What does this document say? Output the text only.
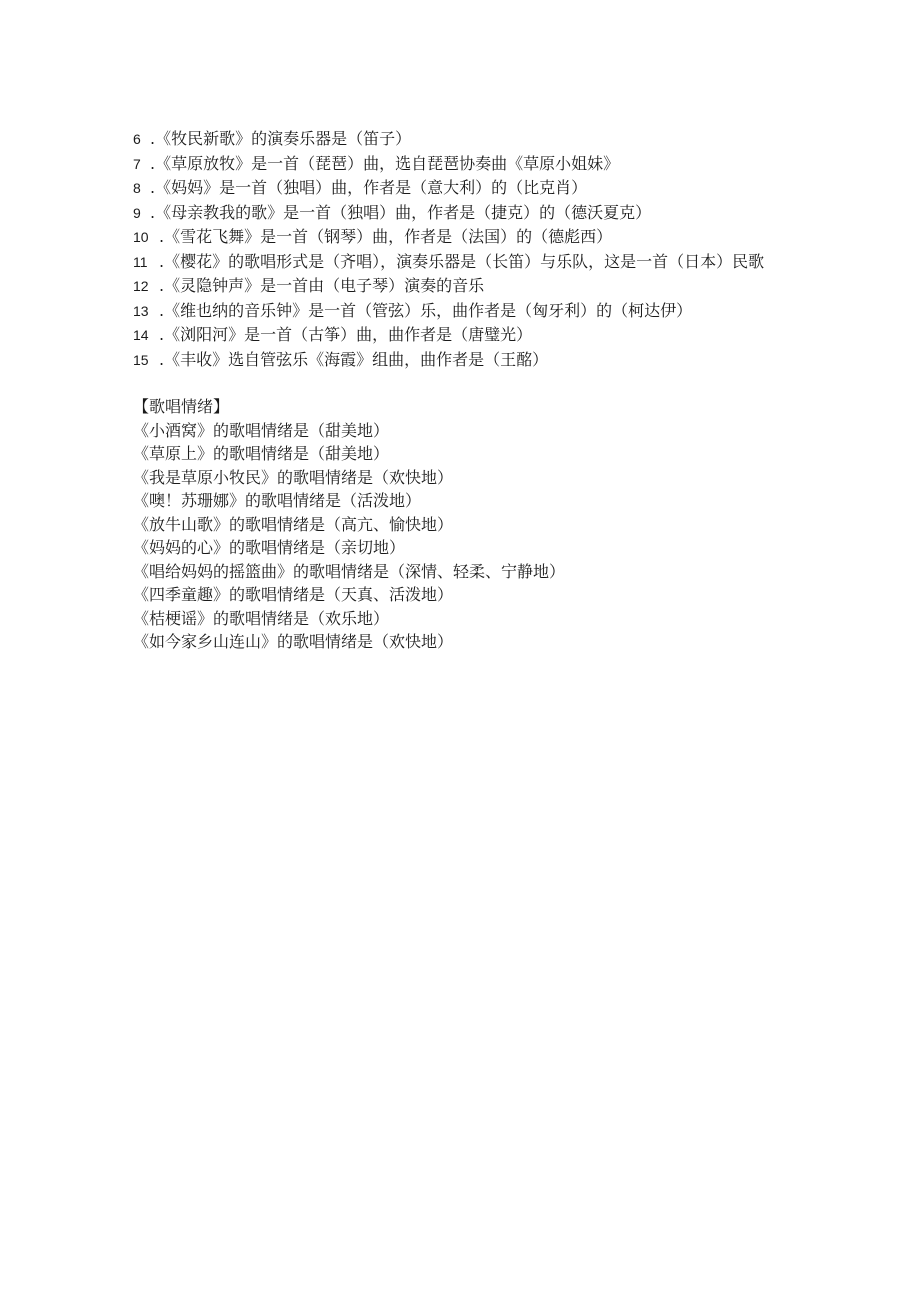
6 .《牧民新歌》的演奏乐器是（笛子）
7 .《草原放牧》是一首（琵琶）曲，选自琵琶协奏曲《草原小姐妹》
8 .《妈妈》是一首（独唱）曲，作者是（意大利）的（比克肖）
9 .《母亲教我的歌》是一首（独唱）曲，作者是（捷克）的（德沃夏克）
10 .《雪花飞舞》是一首（钢琴）曲，作者是（法国）的（德彪西）
11 .《樱花》的歌唱形式是（齐唱），演奏乐器是（长笛）与乐队，这是一首（日本）民歌
12 .《灵隐钟声》是一首由（电子琴）演奏的音乐
13 .《维也纳的音乐钟》是一首（管弦）乐，曲作者是（匈牙利）的（柯达伊）
14 .《浏阳河》是一首（古筝）曲，曲作者是（唐璧光）
15 .《丰收》选自管弦乐《海霞》组曲，曲作者是（王酩）
【歌唱情绪】
《小酒窝》的歌唱情绪是（甜美地）
《草原上》的歌唱情绪是（甜美地）
《我是草原小牧民》的歌唱情绪是（欢快地）
《噢！苏珊娜》的歌唱情绪是（活泼地）
《放牛山歌》的歌唱情绪是（高亢、愉快地）
《妈妈的心》的歌唱情绪是（亲切地）
《唱给妈妈的摇篮曲》的歌唱情绪是（深情、轻柔、宁静地）
《四季童趣》的歌唱情绪是（天真、活泼地）
《桔梗谣》的歌唱情绪是（欢乐地）
《如今家乡山连山》的歌唱情绪是（欢快地）
